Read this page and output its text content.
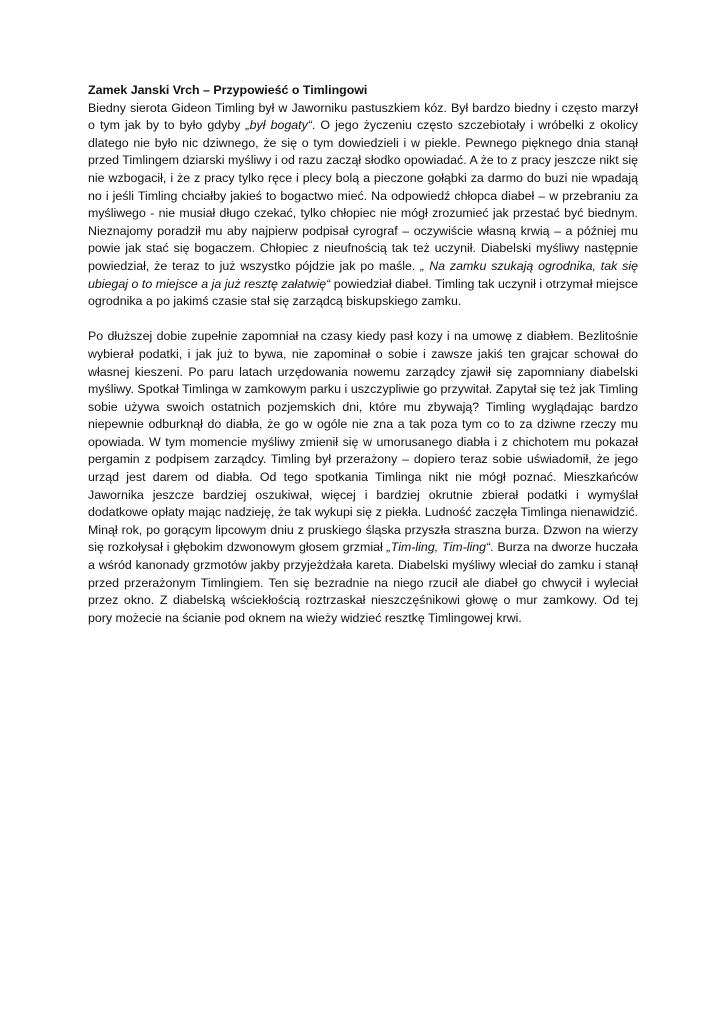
Zamek Janski Vrch – Przypowieść o Timlingowi

Biedny sierota Gideon Timling był w Jaworniku pastuszkiem kóz. Był bardzo biedny i często marzył o tym jak by to było gdyby „był bogaty“. O jego życzeniu często szczebiotały i wróbelki z okolicy dlatego nie było nic dziwnego, że się o tym dowiedzieli i w piekle. Pewnego pięknego dnia stanął przed Timlingem dziarski myśliwy i od razu zaczął słodko opowiadać. A że to z pracy jeszcze nikt się nie wzbogacił, i że z pracy tylko ręce i plecy bolą a pieczone gołąbki za darmo do buzi nie wpadają no i jeśli Timling chciałby jakieś to bogactwo mieć. Na odpowiedź chłopca diabeł – w przebraniu za myśliwego - nie musiał długo czekać, tylko chłopiec nie mógł zrozumieć jak przestać być biednym. Nieznajomy poradził mu aby najpierw podpisał cyrograf – oczywiście własną krwią – a później mu powie jak stać się bogaczem. Chłopiec z nieufnością tak też uczynił. Diabelski myśliwy następnie powiedział, że teraz to już wszystko pójdzie jak po maśle. „ Na zamku szukają ogrodnika, tak się ubiegaj o to miejsce a ja już resztę załatwię“ powiedział diabeł. Timling tak uczynił i otrzymał miejsce ogrodnika a po jakimś czasie stał się zarządcą biskupskiego zamku.

Po dłuższej dobie zupełnie zapomniał na czasy kiedy pasł kozy i na umowę z diabłem. Bezlitośnie wybierał podatki, i jak już to bywa, nie zapominał o sobie i zawsze jakiś ten grajcar schował do własnej kieszeni. Po paru latach urzędowania nowemu zarządcy zjawił się zapomniany diabelski myśliwy. Spotkał Timlinga w zamkowym parku i uszczypliwie go przywitał. Zapytał się też jak Timling sobie używa swoich ostatnich pozjemskich dni, które mu zbywają? Timling wyglądając bardzo niepewnie odburknął do diabła, że go w ogóle nie zna a tak poza tym co to za dziwne rzeczy mu opowiada. W tym momencie myśliwy zmienił się w umorusanego diabła i z chichotem mu pokazał pergamin z podpisem zarządcy. Timling był przerażony – dopiero teraz sobie uświadomił, że jego urząd jest darem od diabła. Od tego spotkania Timlinga nikt nie mógł poznać. Mieszkańców Jawornika jeszcze bardziej oszukiwał, więcej i bardziej okrutnie zbierał podatki i wymyślał dodatkowe opłaty mając nadzieję, że tak wykupi się z piekła. Ludność zaczęła Timlinga nienawidzić. Minął rok, po gorącym lipcowym dniu z pruskiego śląska przyszła straszna burza. Dzwon na wierzy się rozkołysał i głębokim dzwonowym głosem grzmiał „Tim-ling, Tim-ling“. Burza na dworze huczała a wśród kanonady grzmotów jakby przyjeżdżała kareta. Diabelski myśliwy wleciał do zamku i stanął przed przerażonym Timlingiem. Ten się bezradnie na niego rzucił ale diabeł go chwycił i wyleciał przez okno. Z diabelską wściekłością roztrzaskał nieszczęśnikowi głowę o mur zamkowy. Od tej pory możecie na ścianie pod oknem na wieży widzieć resztkę Timlingowej krwi.
